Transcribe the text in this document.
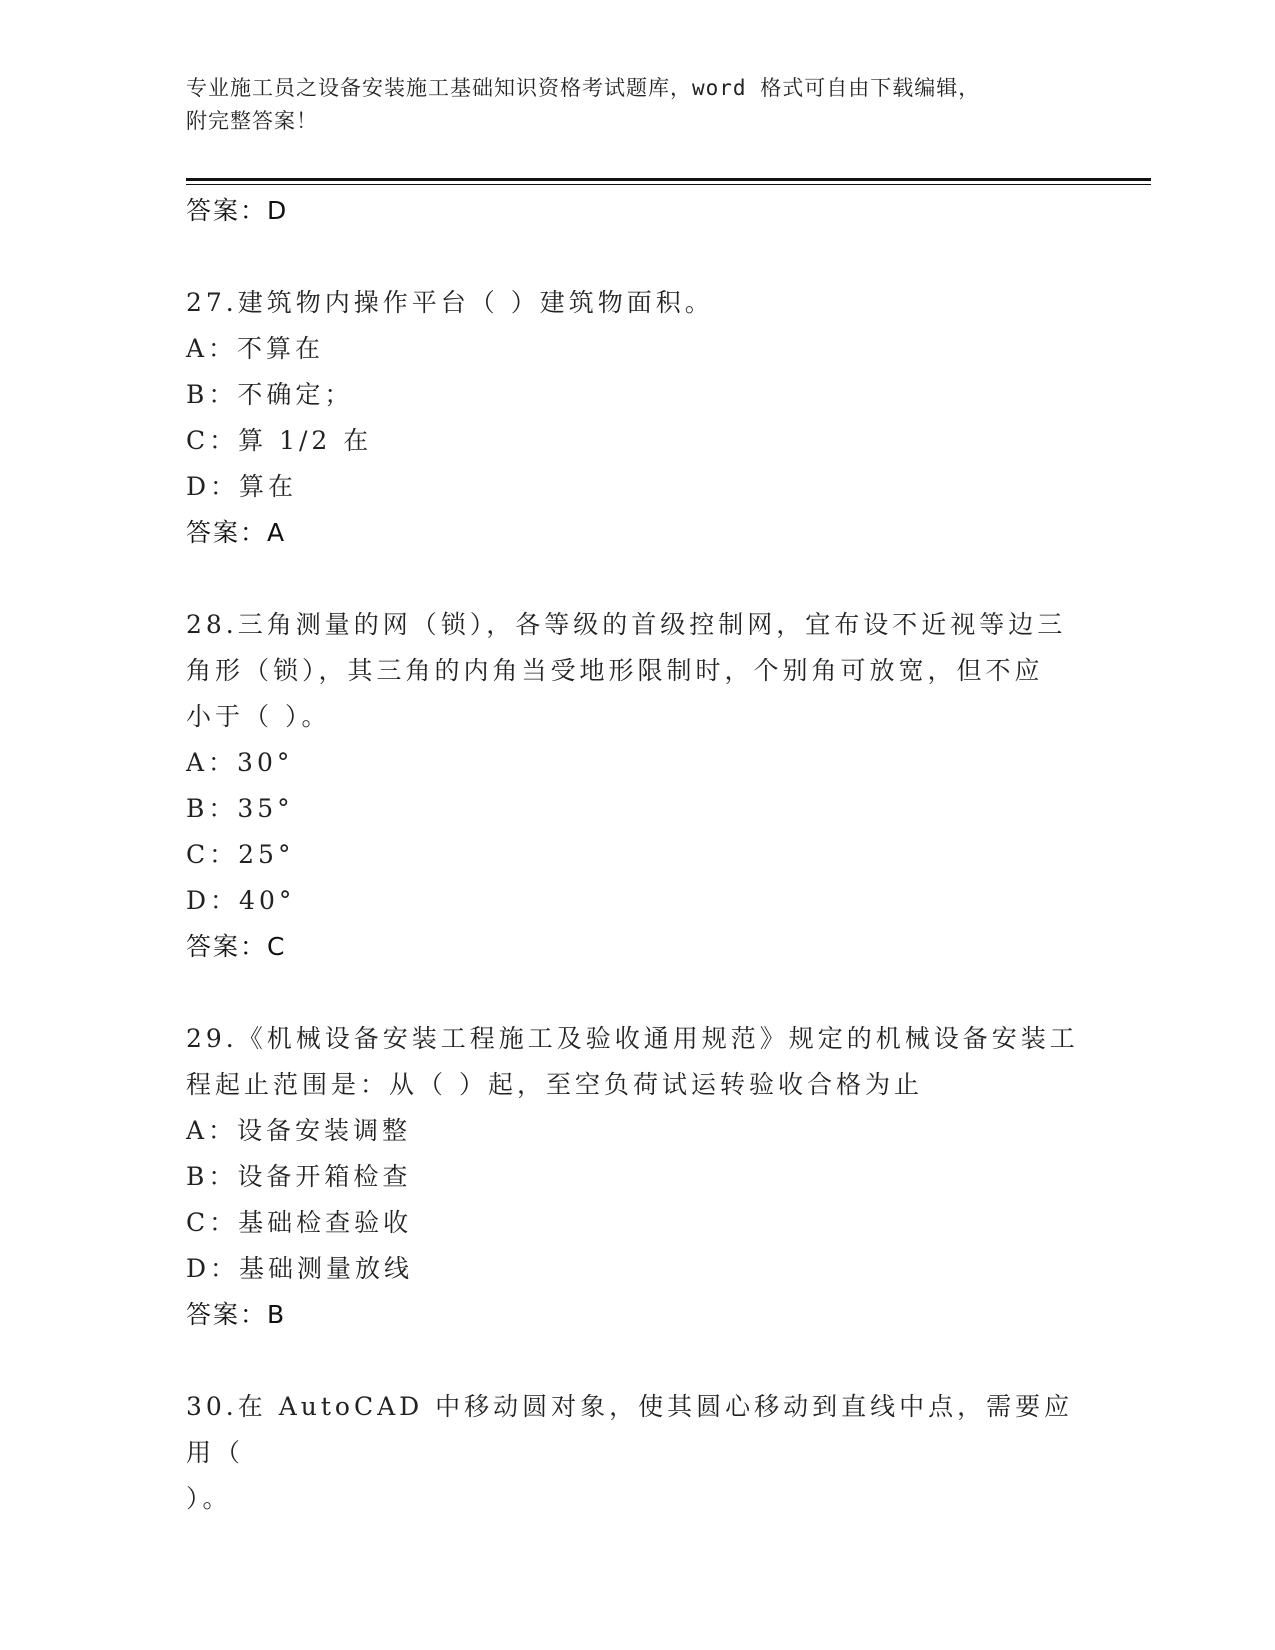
专业施工员之设备安装施工基础知识资格考试题库，word 格式可自由下载编辑，
附完整答案！
答案：D
27.建筑物内操作平台（ ）建筑物面积。
A：不算在
B：不确定；
C：算 1/2 在
D：算在
答案：A
28.三角测量的网（锁），各等级的首级控制网，宜布设不近视等边三
角形（锁），其三角的内角当受地形限制时，个别角可放宽，但不应
小于（ ）。
A：30°
B：35°
C：25°
D：40°
答案：C
29.《机械设备安装工程施工及验收通用规范》规定的机械设备安装工
程起止范围是：从（ ）起，至空负荷试运转验收合格为止
A：设备安装调整
B：设备开箱检查
C：基础检查验收
D：基础测量放线
答案：B
30.在 AutoCAD 中移动圆对象，使其圆心移动到直线中点，需要应用（
）。
